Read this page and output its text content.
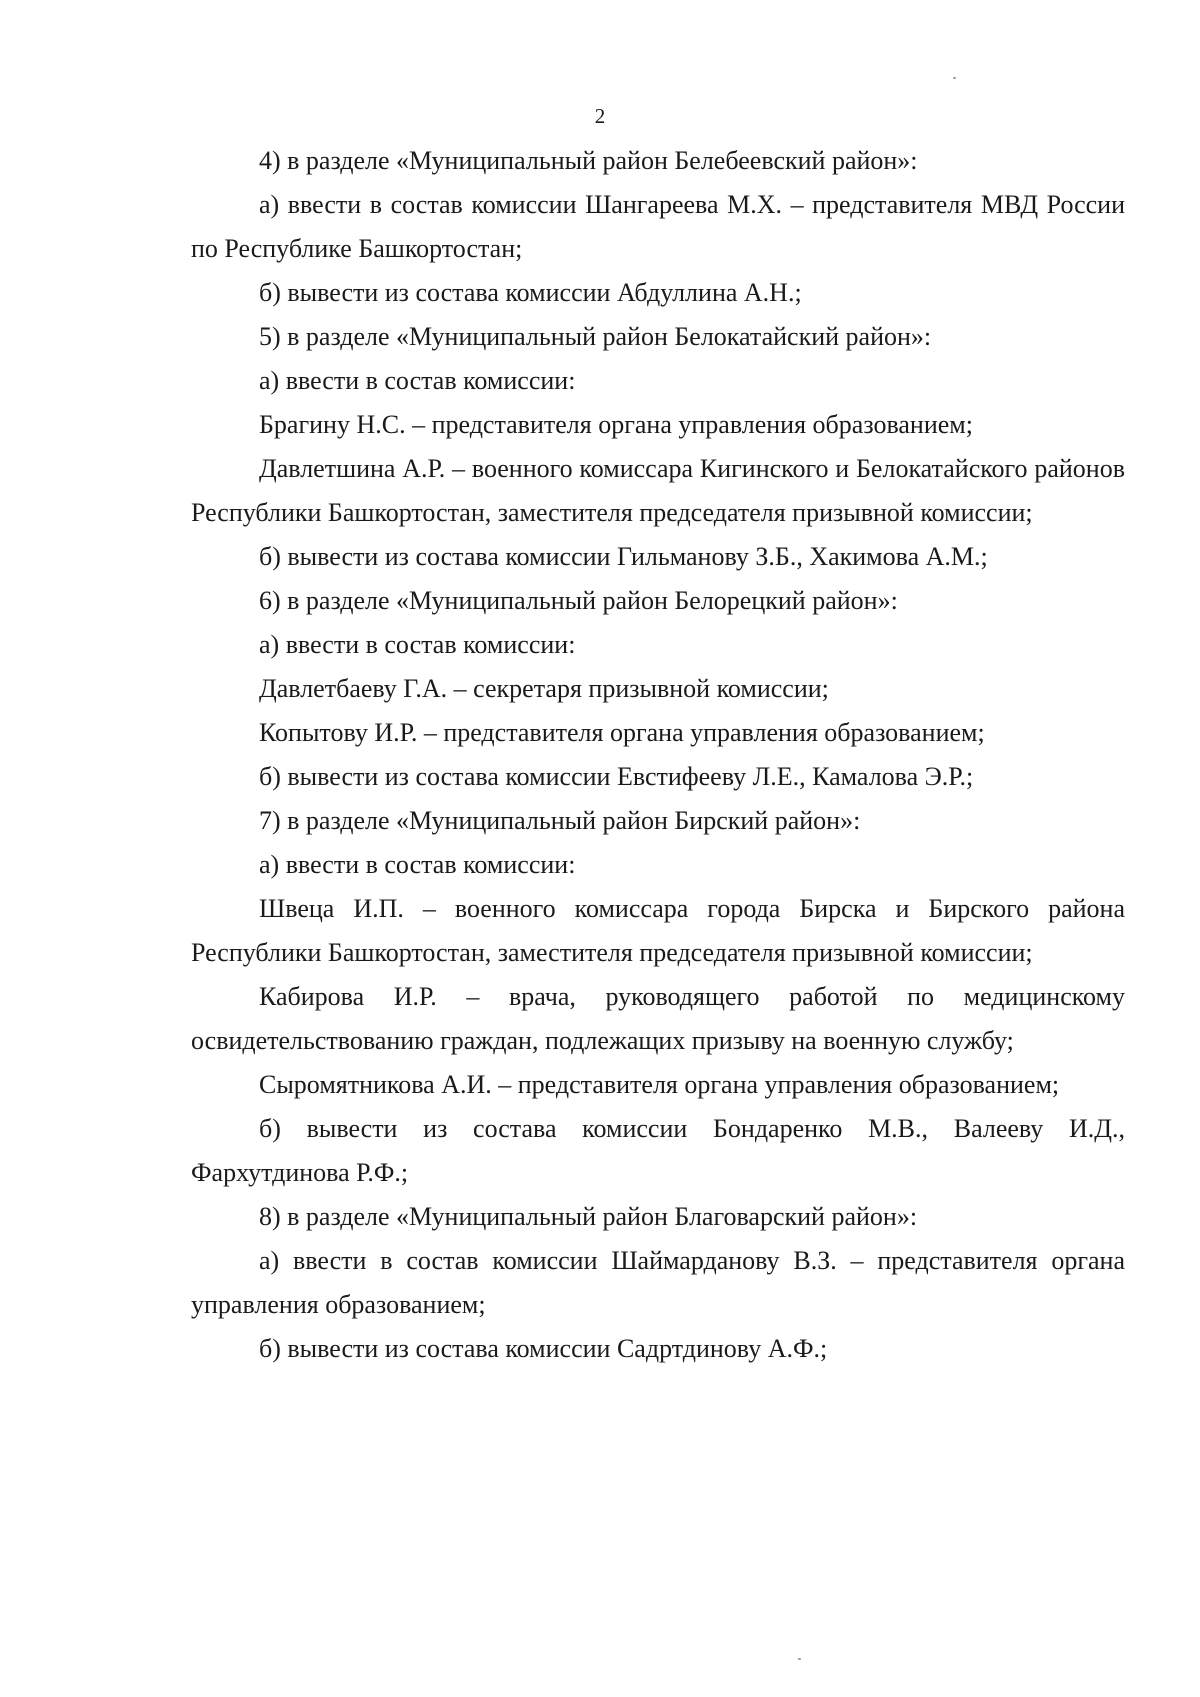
2

4) в разделе «Муниципальный район Белебеевский район»:

а) ввести в состав комиссии Шангареева М.Х. – представителя МВД России по Республике Башкортостан;

б) вывести из состава комиссии Абдуллина А.Н.;

5) в разделе «Муниципальный район Белокатайский район»:

а) ввести в состав комиссии:

Брагину Н.С. – представителя органа управления образованием;

Давлетшина А.Р. – военного комиссара Кигинского и Белокатайского районов Республики Башкортостан, заместителя председателя призывной комиссии;

б) вывести из состава комиссии Гильманову З.Б., Хакимова А.М.;

6) в разделе «Муниципальный район Белорецкий район»:

а) ввести в состав комиссии:

Давлетбаеву Г.А. – секретаря призывной комиссии;

Копытову И.Р. – представителя органа управления образованием;

б) вывести из состава комиссии Евстифееву Л.Е., Камалова Э.Р.;

7) в разделе «Муниципальный район Бирский район»:

а) ввести в состав комиссии:

Швеца И.П. – военного комиссара города Бирска и Бирского района Республики Башкортостан, заместителя председателя призывной комиссии;

Кабирова И.Р. – врача, руководящего работой по медицинскому освидетельствованию граждан, подлежащих призыву на военную службу;

Сыромятникова А.И. – представителя органа управления образованием;

б) вывести из состава комиссии Бондаренко М.В., Валееву И.Д., Фархутдинова Р.Ф.;

8) в разделе «Муниципальный район Благоварский район»:

а) ввести в состав комиссии Шаймарданову В.З. – представителя органа управления образованием;

б) вывести из состава комиссии Садртдинову А.Ф.;
